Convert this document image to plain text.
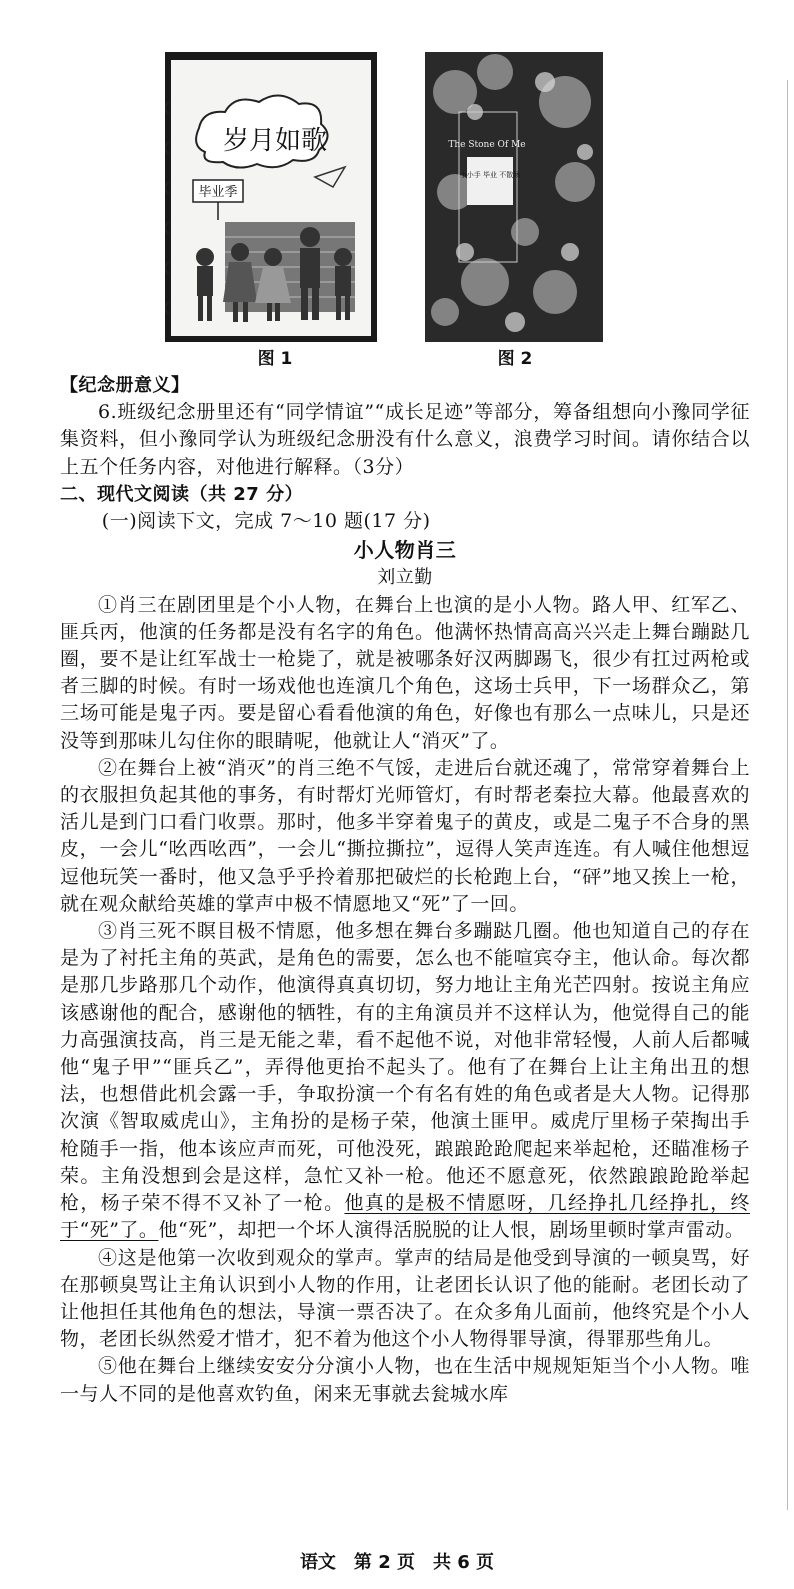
岁月如歌
毕业季
图 1
The Stone Of Me
小小手 毕业 不散场
图 2
【纪念册意义】

6.班级纪念册里还有“同学情谊”“成长足迹”等部分，筹备组想向小豫同学征集资料，但小豫同学认为班级纪念册没有什么意义，浪费学习时间。请你结合以上五个任务内容，对他进行解释。（3分）

二、现代文阅读（共 27 分）
(一)阅读下文，完成 7～10 题(17 分)
小人物肖三
刘立勤

①肖三在剧团里是个小人物，在舞台上也演的是小人物。路人甲、红军乙、匪兵丙，他演的任务都是没有名字的角色。他满怀热情高高兴兴走上舞台蹦跶几圈，要不是让红军战士一枪毙了，就是被哪条好汉两脚踢飞，很少有扛过两枪或者三脚的时候。有时一场戏他也连演几个角色，这场士兵甲，下一场群众乙，第三场可能是鬼子丙。要是留心看看他演的角色，好像也有那么一点味儿，只是还没等到那味儿勾住你的眼睛呢，他就让人“消灭”了。

②在舞台上被“消灭”的肖三绝不气馁，走进后台就还魂了，常常穿着舞台上的衣服担负起其他的事务，有时帮灯光师管灯，有时帮老秦拉大幕。他最喜欢的活儿是到门口看门收票。那时，他多半穿着鬼子的黄皮，或是二鬼子不合身的黑皮，一会儿“吆西吆西”，一会儿“撕拉撕拉”，逗得人笑声连连。有人喊住他想逗逗他玩笑一番时，他又急乎乎拎着那把破烂的长枪跑上台，“砰”地又挨上一枪，就在观众献给英雄的掌声中极不情愿地又“死”了一回。

③肖三死不瞑目极不情愿，他多想在舞台多蹦跶几圈。他也知道自己的存在是为了衬托主角的英武，是角色的需要，怎么也不能喧宾夺主，他认命。每次都是那几步路那几个动作，他演得真真切切，努力地让主角光芒四射。按说主角应该感谢他的配合，感谢他的牺牲，有的主角演员并不这样认为，他觉得自己的能力高强演技高，肖三是无能之辈，看不起他不说，对他非常轻慢，人前人后都喊他“鬼子甲”“匪兵乙”，弄得他更抬不起头了。他有了在舞台上让主角出丑的想法，也想借此机会露一手，争取扮演一个有名有姓的角色或者是大人物。记得那次演《智取威虎山》，主角扮的是杨子荣，他演土匪甲。威虎厅里杨子荣掏出手枪随手一指，他本该应声而死，可他没死，踉踉跄跄爬起来举起枪，还瞄准杨子荣。主角没想到会是这样，急忙又补一枪。他还不愿意死，依然踉踉跄跄举起枪，杨子荣不得不又补了一枪。他真的是极不情愿呀，几经挣扎几经挣扎，终于“死”了。他“死”，却把一个坏人演得活脱脱的让人恨，剧场里顿时掌声雷动。

④这是他第一次收到观众的掌声。掌声的结局是他受到导演的一顿臭骂，好在那顿臭骂让主角认识到小人物的作用，让老团长认识了他的能耐。老团长动了让他担任其他角色的想法，导演一票否决了。在众多角儿面前，他终究是个小人物，老团长纵然爱才惜才，犯不着为他这个小人物得罪导演，得罪那些角儿。

⑤他在舞台上继续安安分分演小人物，也在生活中规规矩矩当个小人物。唯一与人不同的是他喜欢钓鱼，闲来无事就去瓮城水库

语文　第 2 页　共 6 页
